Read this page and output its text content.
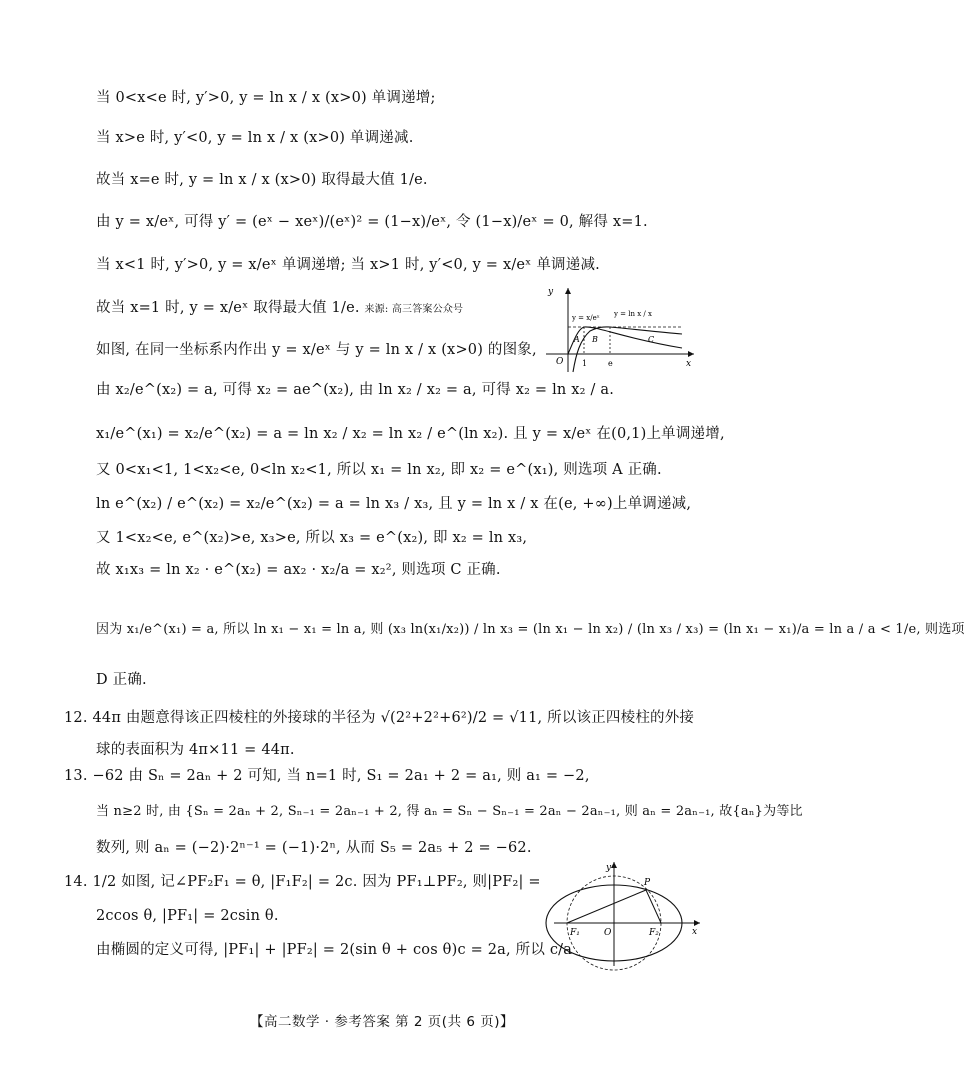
当 0<x<e 时, y′>0, y = ln x / x (x>0) 单调递增;
当 x>e 时, y′<0, y = ln x / x (x>0) 单调递减.
故当 x=e 时, y = ln x / x (x>0) 取得最大值 1/e.
由 y = x/eˣ, 可得 y′ = (eˣ − xeˣ)/(eˣ)² = (1−x)/eˣ, 令 (1−x)/eˣ = 0, 解得 x=1.
当 x<1 时, y′>0, y = x/eˣ 单调递增; 当 x>1 时, y′<0, y = x/eˣ 单调递减.
故当 x=1 时, y = x/eˣ 取得最大值 1/e. 来源: 高三答案公众号
如图, 在同一坐标系内作出 y = x/eˣ 与 y = ln x / x (x>0) 的图象,
由 x₂/e^(x₂) = a, 可得 x₂ = ae^(x₂), 由 ln x₂ / x₂ = a, 可得 x₂ = ln x₂ / a.
x₁/e^(x₁) = x₂/e^(x₂) = a = ln x₂ / x₂ = ln x₂ / e^(ln x₂). 且 y = x/eˣ 在(0,1)上单调递增,
又 0<x₁<1, 1<x₂<e, 0<ln x₂<1, 所以 x₁ = ln x₂, 即 x₂ = e^(x₁), 则选项 A 正确.
ln e^(x₂) / e^(x₂) = x₂/e^(x₂) = a = ln x₃ / x₃, 且 y = ln x / x 在(e, +∞)上单调递减,
又 1<x₂<e, e^(x₂)>e, x₃>e, 所以 x₃ = e^(x₂), 即 x₂ = ln x₃,
故 x₁x₃ = ln x₂ · e^(x₂) = ax₂ · x₂/a = x₂², 则选项 C 正确.
因为 x₁/e^(x₁) = a, 所以 ln x₁ − x₁ = ln a, 则 (x₃ ln(x₁/x₂)) / ln x₃ = (ln x₁ − ln x₂) / (ln x₃ / x₃) = (ln x₁ − x₁)/a = ln a / a < 1/e, 则选项
D 正确.
12. 44π 由题意得该正四棱柱的外接球的半径为 √(2²+2²+6²)/2 = √11, 所以该正四棱柱的外接
球的表面积为 4π×11 = 44π.
13. −62 由 Sₙ = 2aₙ + 2 可知, 当 n=1 时, S₁ = 2a₁ + 2 = a₁, 则 a₁ = −2,
当 n≥2 时, 由 {Sₙ = 2aₙ + 2, Sₙ₋₁ = 2aₙ₋₁ + 2, 得 aₙ = Sₙ − Sₙ₋₁ = 2aₙ − 2aₙ₋₁, 则 aₙ = 2aₙ₋₁, 故{aₙ}为等比
数列, 则 aₙ = (−2)·2ⁿ⁻¹ = (−1)·2ⁿ, 从而 S₅ = 2a₅ + 2 = −62.
14. 1/2 如图, 记∠PF₂F₁ = θ, |F₁F₂| = 2c. 因为 PF₁⊥PF₂, 则|PF₂| =
2ccos θ, |PF₁| = 2csin θ.
由椭圆的定义可得, |PF₁| + |PF₂| = 2(sin θ + cos θ)c = 2a, 所以 c/a
y
x
O 1	e
y = x/eˣ y = ln x / x
A B	C
y
x
O
P
F₁	F₂
【高二数学 · 参考答案 第 2 页(共 6 页)】
